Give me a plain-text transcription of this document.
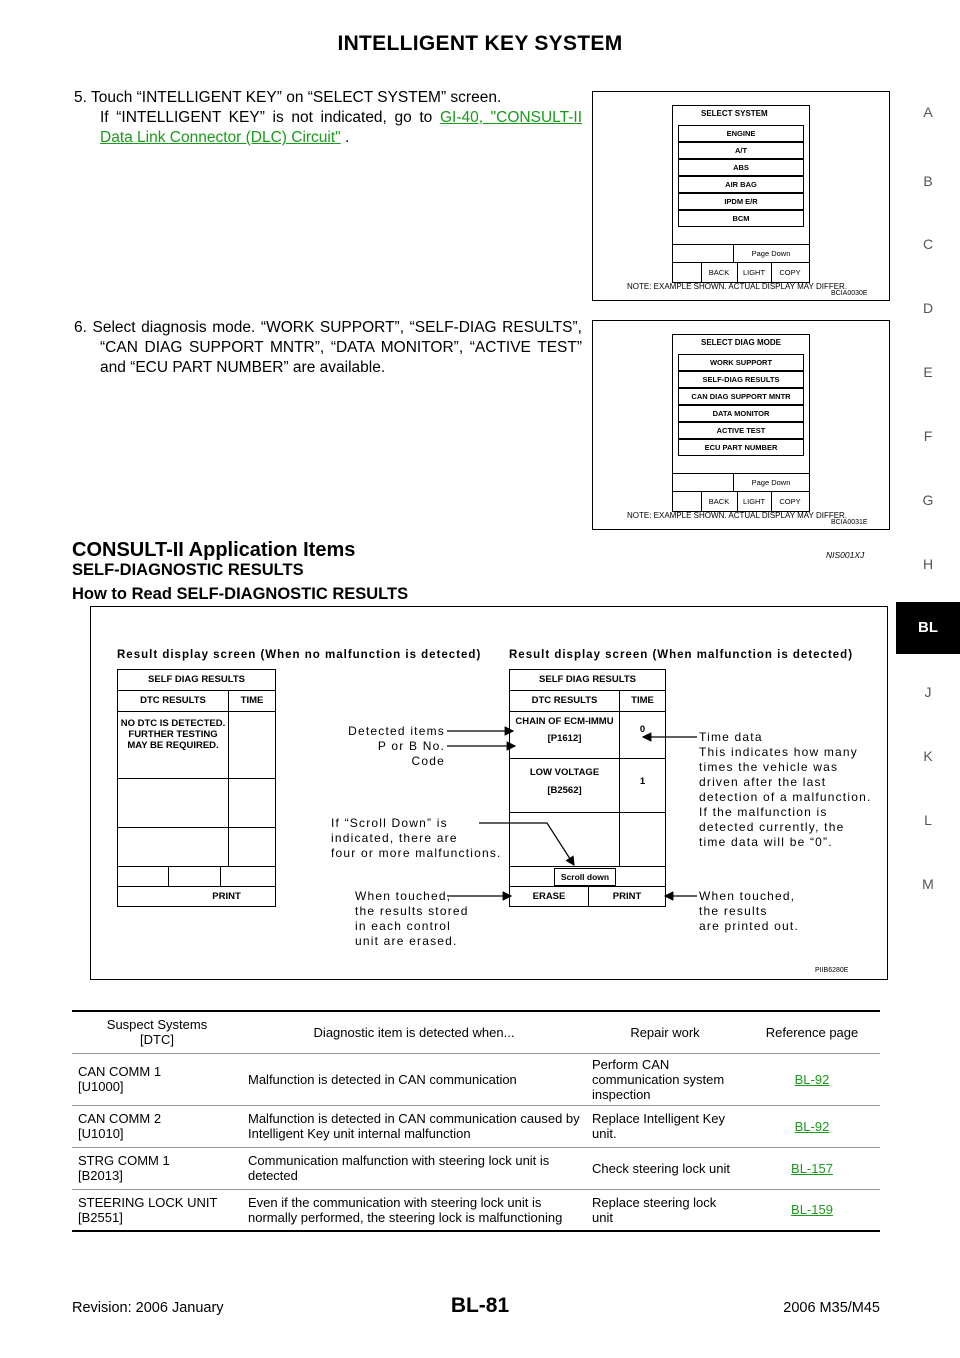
INTELLIGENT KEY SYSTEM
A
B
C
D
E
F
G
H
BL
J
K
L
M
5. Touch “INTELLIGENT KEY” on “SELECT SYSTEM” screen.
If “INTELLIGENT KEY” is not indicated, go to GI-40, "CONSULT-II Data Link Connector (DLC) Circuit" .
SELECT SYSTEM
ENGINE
A/T
ABS
AIR BAG
IPDM E/R
BCM
Page Down
BACK	LIGHT	COPY
NOTE: EXAMPLE SHOWN. ACTUAL DISPLAY MAY DIFFER.
BCIA0030E
6. Select diagnosis mode. “WORK SUPPORT”, “SELF-DIAG RESULTS”, “CAN DIAG SUPPORT MNTR”, “DATA MONITOR”, “ACTIVE TEST” and “ECU PART NUMBER” are available.
SELECT DIAG MODE
WORK SUPPORT
SELF-DIAG RESULTS
CAN DIAG SUPPORT MNTR
DATA MONITOR
ACTIVE TEST
ECU PART NUMBER
Page Down
BACK	LIGHT	COPY
NOTE: EXAMPLE SHOWN. ACTUAL DISPLAY MAY DIFFER.
BCIA0031E
CONSULT-II Application Items	NIS001XJ
SELF-DIAGNOSTIC RESULTS
How to Read SELF-DIAGNOSTIC RESULTS
Result display screen (When no malfunction is detected) Result display screen (When malfunction is detected)
SELF DIAG RESULTS
DTC RESULTS	TIME
NO DTC IS DETECTED.
FURTHER TESTING
MAY BE REQUIRED.
PRINT
SELF DIAG RESULTS
DTC RESULTS	TIME
CHAIN OF ECM-IMMU
[P1612]
0
LOW VOLTAGE
[B2562]
1
Scroll down
ERASE	PRINT
Detected items
P or B No. Code
If “Scroll Down” is
indicated, there are
four or more malfunctions.
When touched,
the results stored
in each control
unit are erased.
Time data
This indicates how many
times the vehicle was
driven after the last
detection of a malfunction.
If the malfunction is
detected currently, the
time data will be “0”.
When touched,
the results
are printed out.
PIIB6280E
Suspect Systems
[DTC]	Diagnostic item is detected when...	Repair work	Reference page

CAN COMM 1
[U1000]	Malfunction is detected in CAN communication	Perform CAN communication system inspection	BL-92

CAN COMM 2
[U1010]	Malfunction is detected in CAN communication caused by Intelligent Key unit internal malfunction	Replace Intelligent Key unit.	BL-92

STRG COMM 1
[B2013]	Communication malfunction with steering lock unit is detected	Check steering lock unit	BL-157

STEERING LOCK UNIT
[B2551]	Even if the communication with steering lock unit is normally performed, the steering lock is malfunctioning	Replace steering lock unit	BL-159
Revision: 2006 January	BL-81	2006 M35/M45
